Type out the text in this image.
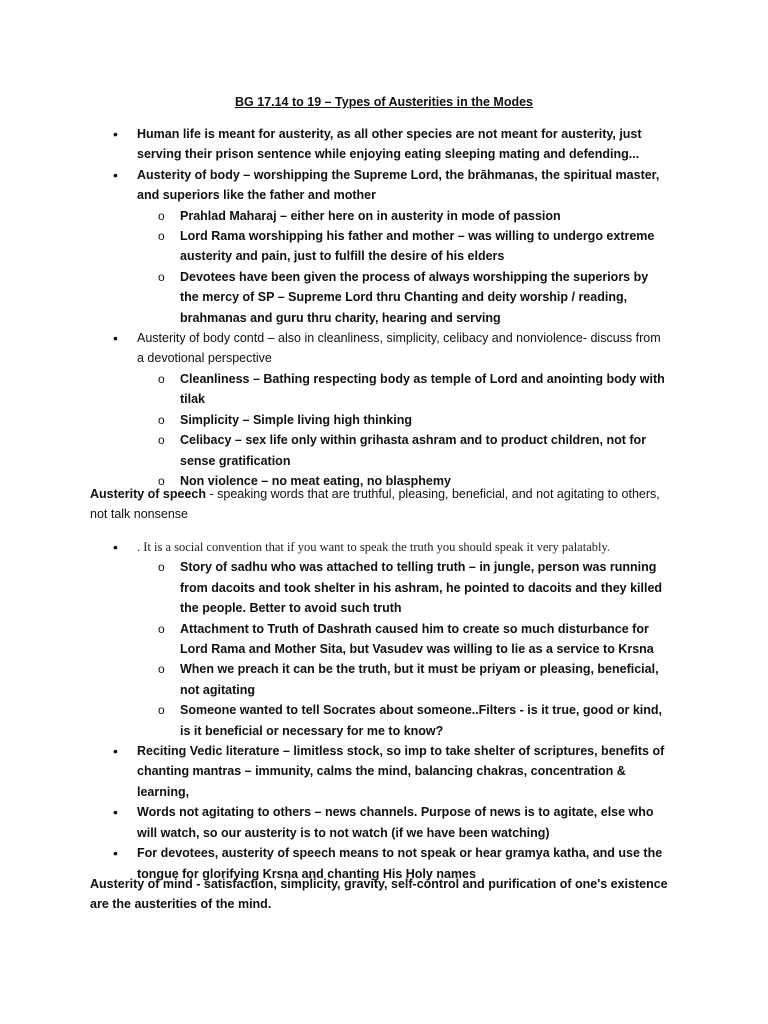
BG 17.14 to 19 – Types of Austerities in the Modes
• Human life is meant for austerity, as all other species are not meant for austerity, just serving their prison sentence while enjoying eating sleeping mating and defending...
• Austerity of body – worshipping the Supreme Lord, the brāhmanas, the spiritual master, and superiors like the father and mother
o Prahlad Maharaj – either here on in austerity in mode of passion
o Lord Rama worshipping his father and mother – was willing to undergo extreme austerity and pain, just to fulfill the desire of his elders
o Devotees have been given the process of always worshipping the superiors by the mercy of SP – Supreme Lord thru Chanting and deity worship / reading, brahmanas and guru thru charity, hearing and serving
• Austerity of body contd – also in cleanliness, simplicity, celibacy and nonviolence- discuss from a devotional perspective
o Cleanliness – Bathing respecting body as temple of Lord and anointing body with tilak
o Simplicity – Simple living high thinking
o Celibacy – sex life only within grihasta ashram and to product children, not for sense gratification
o Non violence – no meat eating, no blasphemy
Austerity of speech - speaking words that are truthful, pleasing, beneficial, and not agitating to others, not talk nonsense
• . It is a social convention that if you want to speak the truth you should speak it very palatably.
o Story of sadhu who was attached to telling truth – in jungle, person was running from dacoits and took shelter in his ashram, he pointed to dacoits and they killed the people. Better to avoid such truth
o Attachment to Truth of Dashrath caused him to create so much disturbance for Lord Rama and Mother Sita, but Vasudev was willing to lie as a service to Krsna
o When we preach it can be the truth, but it must be priyam or pleasing, beneficial, not agitating
o Someone wanted to tell Socrates about someone..Filters - is it true, good or kind, is it beneficial or necessary for me to know?
• Reciting Vedic literature – limitless stock, so imp to take shelter of scriptures, benefits of chanting mantras – immunity, calms the mind, balancing chakras, concentration & learning,
• Words not agitating to others – news channels. Purpose of news is to agitate, else who will watch, so our austerity is to not watch (if we have been watching)
• For devotees, austerity of speech means to not speak or hear gramya katha, and use the tongue for glorifying Krsna and chanting His Holy names
Austerity of mind - satisfaction, simplicity, gravity, self-control and purification of one's existence are the austerities of the mind.
